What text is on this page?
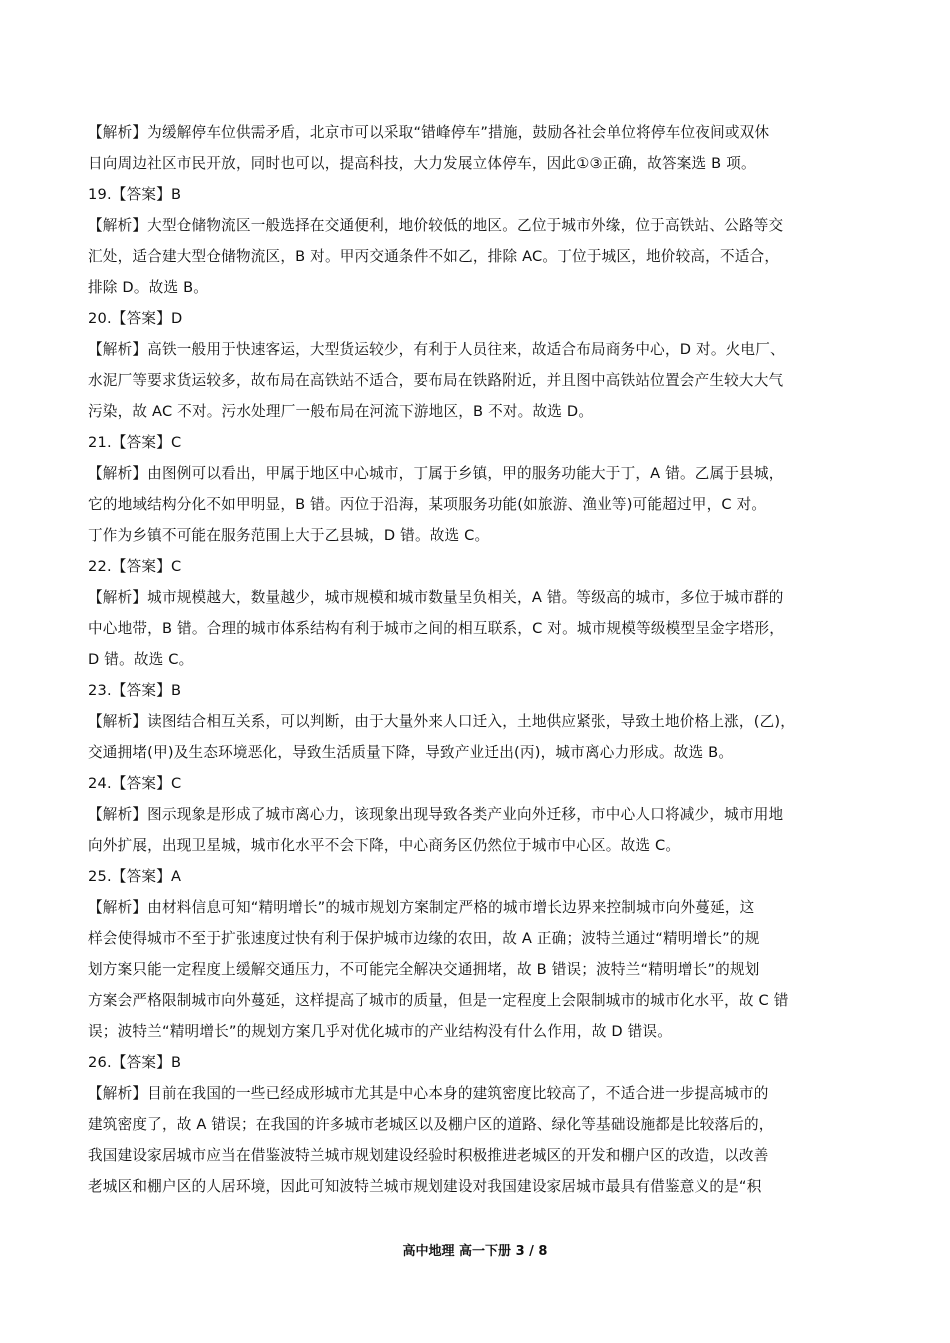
【解析】为缓解停车位供需矛盾，北京市可以采取“错峰停车”措施，鼓励各社会单位将停车位夜间或双休
日向周边社区市民开放，同时也可以，提高科技，大力发展立体停车，因此①③正确，故答案选 B 项。
19.【答案】B
【解析】大型仓储物流区一般选择在交通便利，地价较低的地区。乙位于城市外缘，位于高铁站、公路等交
汇处，适合建大型仓储物流区，B 对。甲丙交通条件不如乙，排除 AC。丁位于城区，地价较高，不适合，
排除 D。故选 B。
20.【答案】D
【解析】高铁一般用于快速客运，大型货运较少，有利于人员往来，故适合布局商务中心，D 对。火电厂、
水泥厂等要求货运较多，故布局在高铁站不适合，要布局在铁路附近，并且图中高铁站位置会产生较大大气
污染，故 AC 不对。污水处理厂一般布局在河流下游地区，B 不对。故选 D。
21.【答案】C
【解析】由图例可以看出，甲属于地区中心城市，丁属于乡镇，甲的服务功能大于丁，A 错。乙属于县城，
它的地域结构分化不如甲明显，B 错。丙位于沿海，某项服务功能(如旅游、渔业等)可能超过甲，C 对。
丁作为乡镇不可能在服务范围上大于乙县城，D 错。故选 C。
22.【答案】C
【解析】城市规模越大，数量越少，城市规模和城市数量呈负相关，A 错。等级高的城市，多位于城市群的
中心地带，B 错。合理的城市体系结构有利于城市之间的相互联系，C 对。城市规模等级模型呈金字塔形，
D 错。故选 C。
23.【答案】B
【解析】读图结合相互关系，可以判断，由于大量外来人口迁入，土地供应紧张，导致土地价格上涨，(乙)，
交通拥堵(甲)及生态环境恶化，导致生活质量下降，导致产业迁出(丙)，城市离心力形成。故选 B。
24.【答案】C
【解析】图示现象是形成了城市离心力，该现象出现导致各类产业向外迁移，市中心人口将减少，城市用地
向外扩展，出现卫星城，城市化水平不会下降，中心商务区仍然位于城市中心区。故选 C。
25.【答案】A
【解析】由材料信息可知“精明增长”的城市规划方案制定严格的城市增长边界来控制城市向外蔓延，这
样会使得城市不至于扩张速度过快有利于保护城市边缘的农田，故 A 正确；波特兰通过“精明增长”的规
划方案只能一定程度上缓解交通压力，不可能完全解决交通拥堵，故 B 错误；波特兰“精明增长”的规划
方案会严格限制城市向外蔓延，这样提高了城市的质量，但是一定程度上会限制城市的城市化水平，故 C 错
误；波特兰“精明增长”的规划方案几乎对优化城市的产业结构没有什么作用，故 D 错误。
26.【答案】B
【解析】目前在我国的一些已经成形城市尤其是中心本身的建筑密度比较高了，不适合进一步提高城市的
建筑密度了，故 A 错误；在我国的许多城市老城区以及棚户区的道路、绿化等基础设施都是比较落后的，
我国建设家居城市应当在借鉴波特兰城市规划建设经验时积极推进老城区的开发和棚户区的改造，以改善
老城区和棚户区的人居环境，因此可知波特兰城市规划建设对我国建设家居城市最具有借鉴意义的是“积
高中地理 高一下册 3 / 8
